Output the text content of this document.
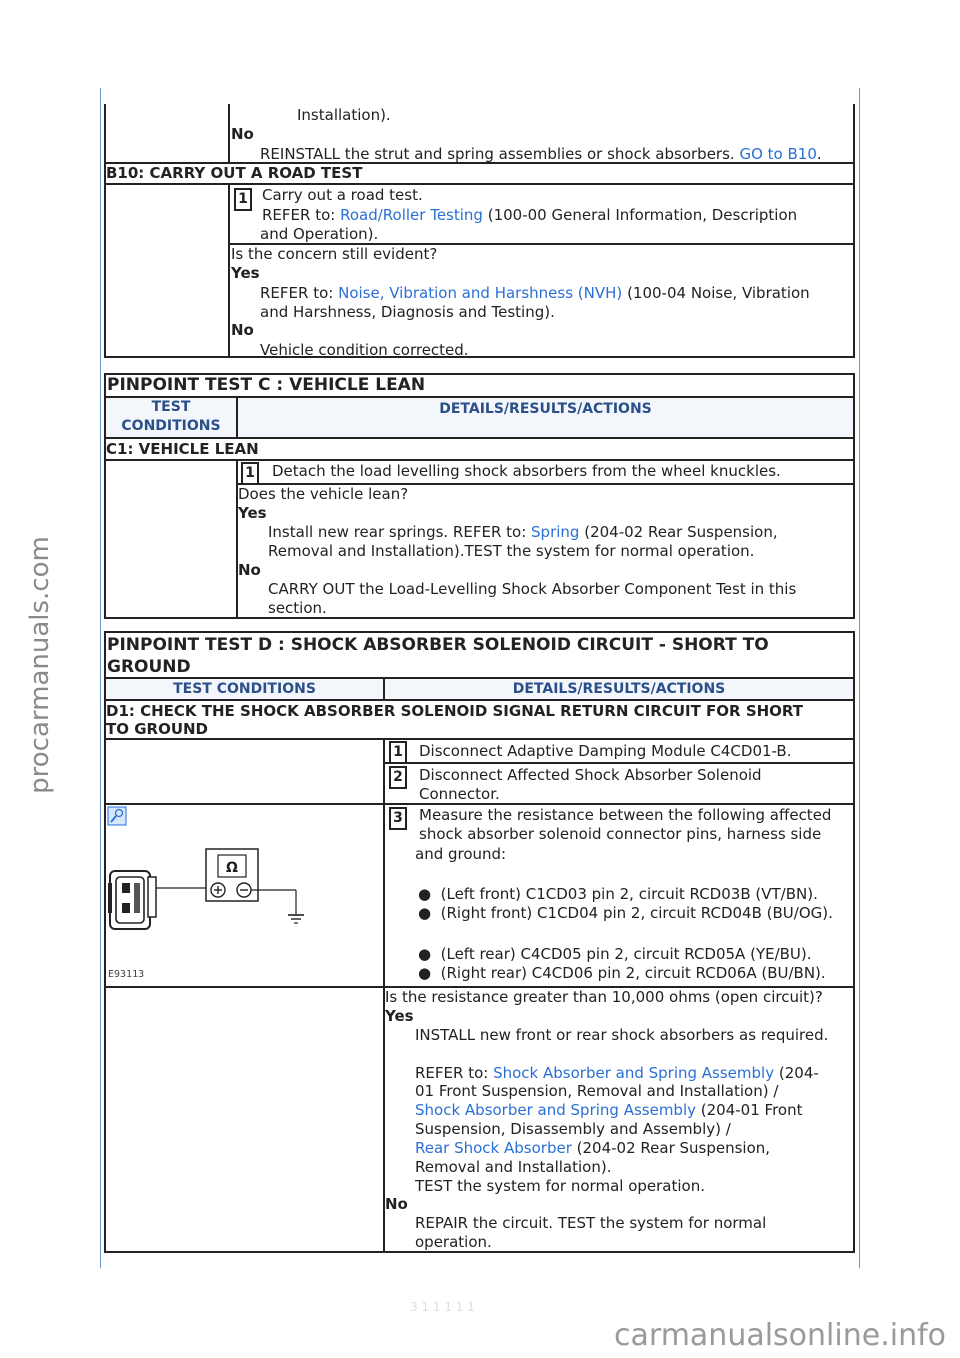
procarmanuals.com
Installation).
No
REINSTALL the strut and spring assemblies or shock absorbers. GO to B10.
B10: CARRY OUT A ROAD TEST
1 Carry out a road test.
REFER to: Road/Roller Testing (100-00 General Information, Description
and Operation).
Is the concern still evident?
Yes
REFER to: Noise, Vibration and Harshness (NVH) (100-04 Noise, Vibration
and Harshness, Diagnosis and Testing).
No
Vehicle condition corrected.
PINPOINT TEST C : VEHICLE LEAN
TEST
CONDITIONS
DETAILS/RESULTS/ACTIONS
C1: VEHICLE LEAN
1 Detach the load levelling shock absorbers from the wheel knuckles.
Does the vehicle lean?
Yes
Install new rear springs. REFER to: Spring (204-02 Rear Suspension,
Removal and Installation).TEST the system for normal operation.
No
CARRY OUT the Load-Levelling Shock Absorber Component Test in this
section.
PINPOINT TEST D : SHOCK ABSORBER SOLENOID CIRCUIT - SHORT TO
GROUND
TEST CONDITIONS	DETAILS/RESULTS/ACTIONS
D1: CHECK THE SHOCK ABSORBER SOLENOID SIGNAL RETURN CIRCUIT FOR SHORT
TO GROUND
1 Disconnect Adaptive Damping Module C4CD01-B.
2 Disconnect Affected Shock Absorber Solenoid
Connector.
Ω
E93113
3 Measure the resistance between the following affected
shock absorber solenoid connector pins, harness side
and ground:
●  (Left front) C1CD03 pin 2, circuit RCD03B (VT/BN).
●  (Right front) C1CD04 pin 2, circuit RCD04B (BU/OG).
●  (Left rear) C4CD05 pin 2, circuit RCD05A (YE/BU).
●  (Right rear) C4CD06 pin 2, circuit RCD06A (BU/BN).
Is the resistance greater than 10,000 ohms (open circuit)?
Yes
INSTALL new front or rear shock absorbers as required.
REFER to: Shock Absorber and Spring Assembly (204-
01 Front Suspension, Removal and Installation) /
Shock Absorber and Spring Assembly (204-01 Front
Suspension, Disassembly and Assembly) /
Rear Shock Absorber (204-02 Rear Suspension,
Removal and Installation).
TEST the system for normal operation.
No
REPAIR the circuit. TEST the system for normal
operation.
3 1 1 1 1 1
carmanualsonline.info
